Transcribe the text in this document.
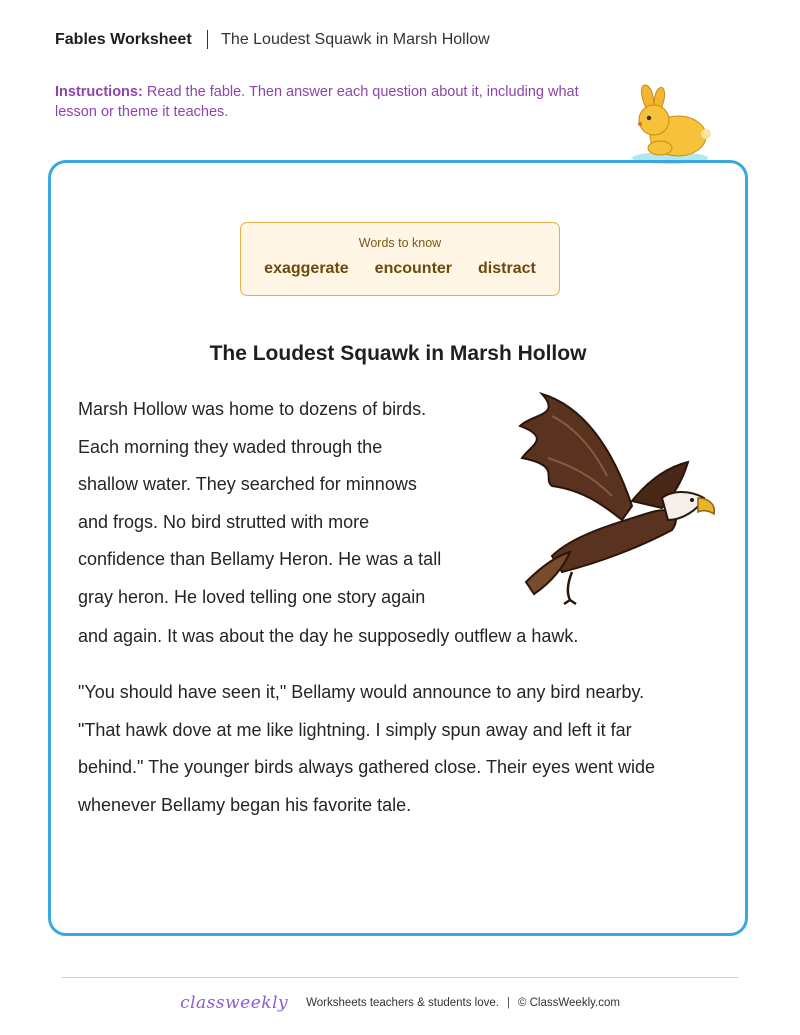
Fables Worksheet The Loudest Squawk in Marsh Hollow
Instructions: Read the fable. Then answer each question about it, including what lesson or theme it teaches.
Words to know
exaggerate encounter distract
The Loudest Squawk in Marsh Hollow
Marsh Hollow was home to dozens of birds.
Each morning they waded through the
shallow water. They searched for minnows
and frogs. No bird strutted with more
confidence than Bellamy Heron. He was a tall
gray heron. He loved telling one story again
and again. It was about the day he supposedly outflew a hawk.
"You should have seen it," Bellamy would announce to any bird nearby.
"That hawk dove at me like lightning. I simply spun away and left it far
behind." The younger birds always gathered close. Their eyes went wide
whenever Bellamy began his favorite tale.
classweekly Worksheets teachers & students love. | © ClassWeekly.com
